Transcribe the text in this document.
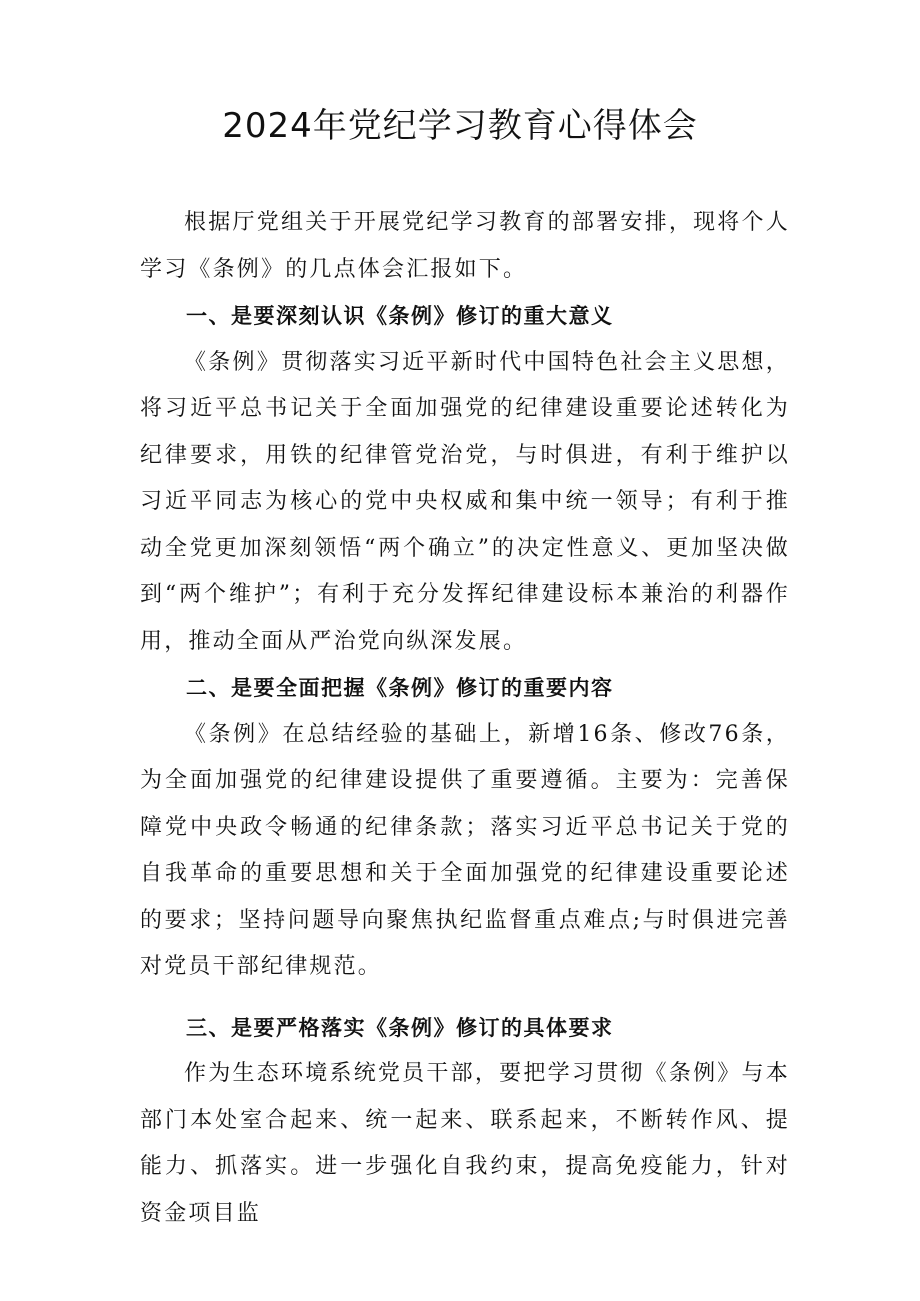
2024年党纪学习教育心得体会

根据厅党组关于开展党纪学习教育的部署安排，现将个人学习《条例》的几点体会汇报如下。

一、是要深刻认识《条例》修订的重大意义

《条例》贯彻落实习近平新时代中国特色社会主义思想，将习近平总书记关于全面加强党的纪律建设重要论述转化为纪律要求，用铁的纪律管党治党，与时俱进，有利于维护以习近平同志为核心的党中央权威和集中统一领导；有利于推动全党更加深刻领悟“两个确立”的决定性意义、更加坚决做到“两个维护”；有利于充分发挥纪律建设标本兼治的利器作用，推动全面从严治党向纵深发展。

二、是要全面把握《条例》修订的重要内容

《条例》在总结经验的基础上，新增16条、修改76条，为全面加强党的纪律建设提供了重要遵循。主要为：完善保障党中央政令畅通的纪律条款；落实习近平总书记关于党的自我革命的重要思想和关于全面加强党的纪律建设重要论述的要求；坚持问题导向聚焦执纪监督重点难点;与时俱进完善对党员干部纪律规范。

三、是要严格落实《条例》修订的具体要求

作为生态环境系统党员干部，要把学习贯彻《条例》与本部门本处室合起来、统一起来、联系起来，不断转作风、提能力、抓落实。进一步强化自我约束，提高免疫能力，针对资金项目监
